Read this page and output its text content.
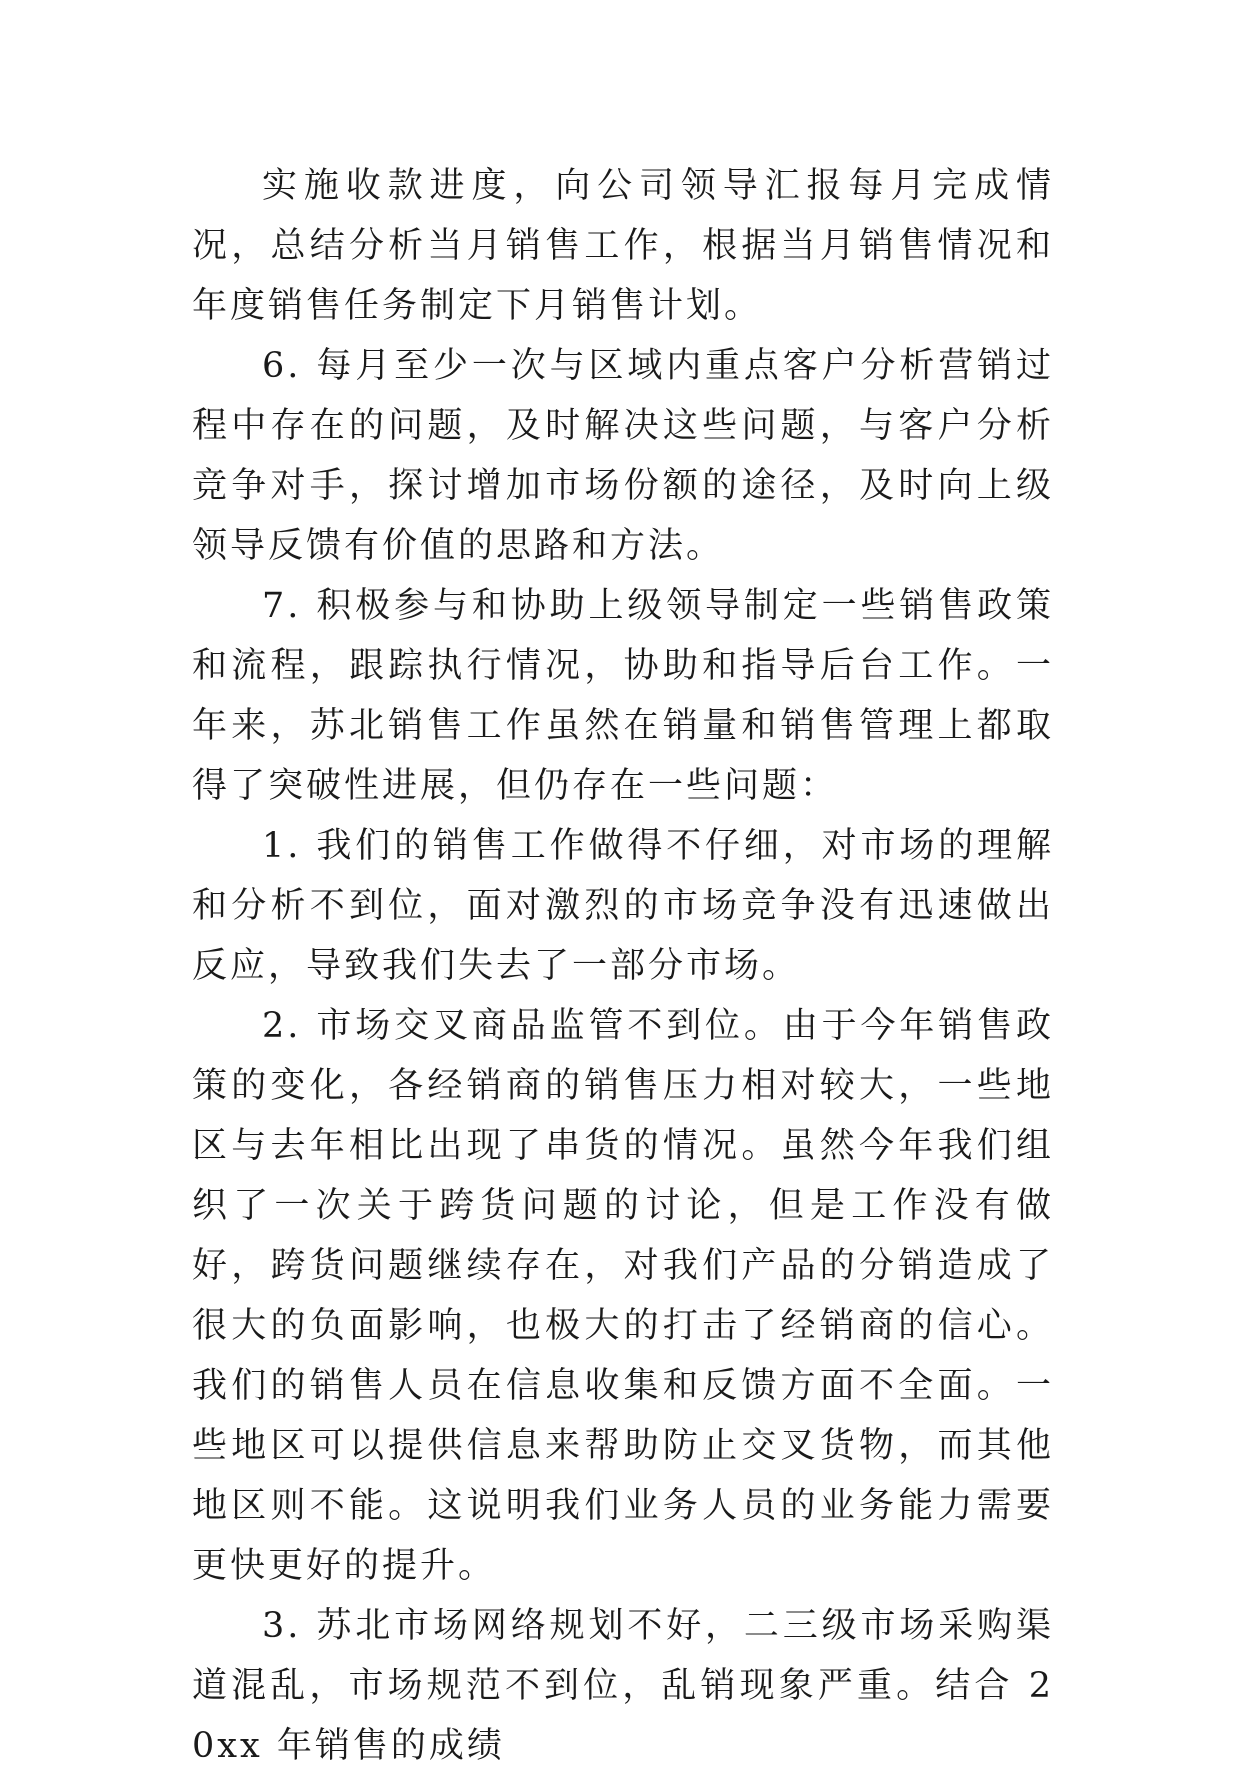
实施收款进度，向公司领导汇报每月完成情况，总结分析当月销售工作，根据当月销售情况和年度销售任务制定下月销售计划。

6. 每月至少一次与区域内重点客户分析营销过程中存在的问题，及时解决这些问题，与客户分析竞争对手，探讨增加市场份额的途径，及时向上级领导反馈有价值的思路和方法。

7. 积极参与和协助上级领导制定一些销售政策和流程，跟踪执行情况，协助和指导后台工作。一年来，苏北销售工作虽然在销量和销售管理上都取得了突破性进展，但仍存在一些问题：

1. 我们的销售工作做得不仔细，对市场的理解和分析不到位，面对激烈的市场竞争没有迅速做出反应，导致我们失去了一部分市场。

2. 市场交叉商品监管不到位。由于今年销售政策的变化，各经销商的销售压力相对较大，一些地区与去年相比出现了串货的情况。虽然今年我们组织了一次关于跨货问题的讨论，但是工作没有做好，跨货问题继续存在，对我们产品的分销造成了很大的负面影响，也极大的打击了经销商的信心。我们的销售人员在信息收集和反馈方面不全面。一些地区可以提供信息来帮助防止交叉货物，而其他地区则不能。这说明我们业务人员的业务能力需要更快更好的提升。

3. 苏北市场网络规划不好，二三级市场采购渠道混乱，市场规范不到位，乱销现象严重。结合 20xx 年销售的成绩
